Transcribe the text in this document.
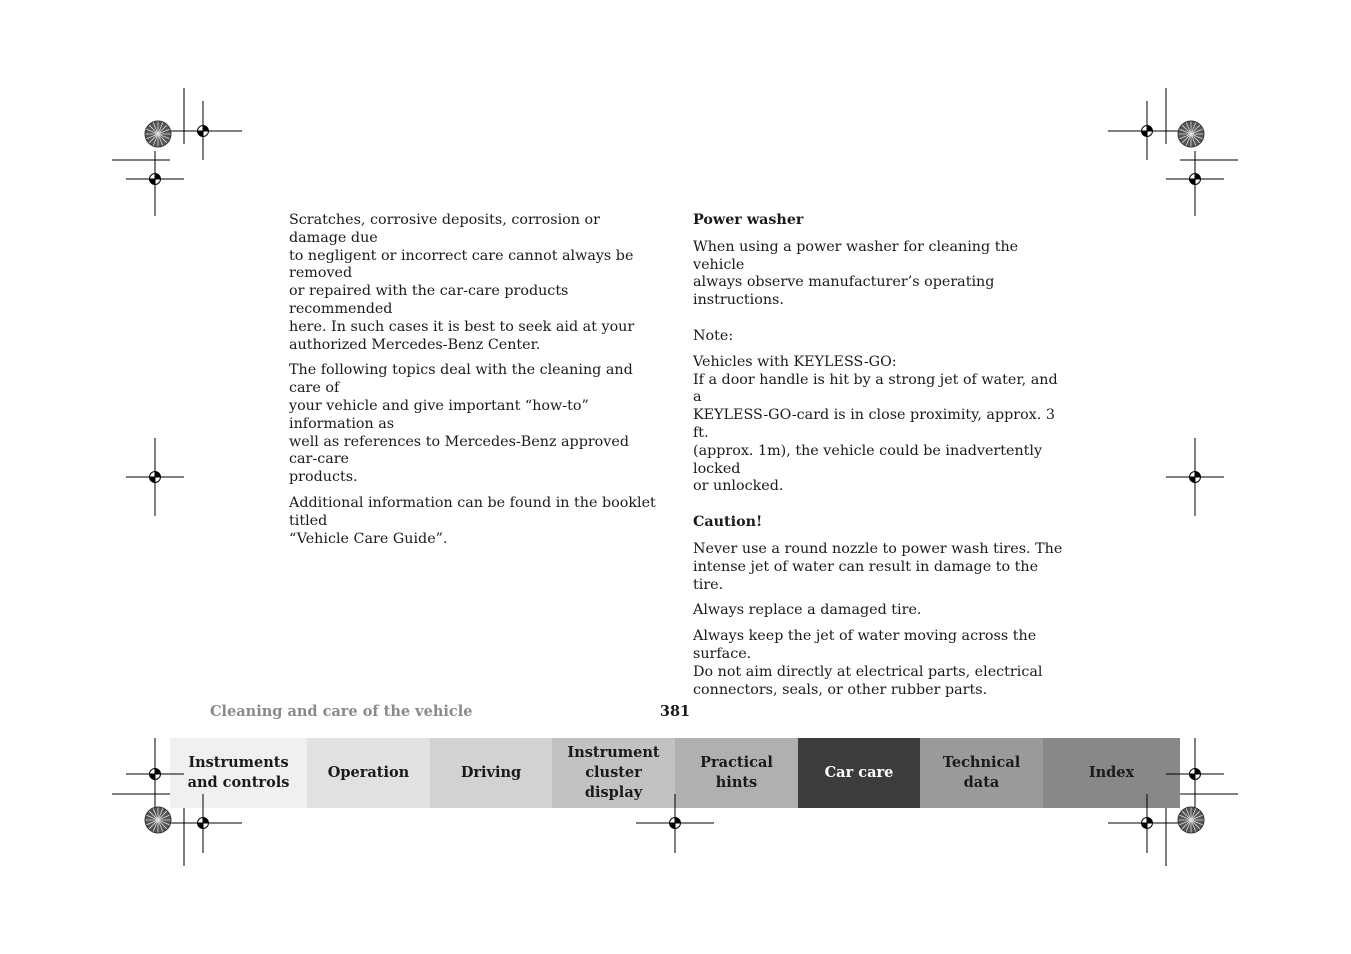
Scratches, corrosive deposits, corrosion or damage due
to negligent or incorrect care cannot always be removed
or repaired with the car-care products recommended
here. In such cases it is best to seek aid at your
authorized Mercedes-Benz Center.

The following topics deal with the cleaning and care of
your vehicle and give important “how-to” information as
well as references to Mercedes-Benz approved car-care
products.

Additional information can be found in the booklet titled
“Vehicle Care Guide”.

Power washer

When using a power washer for cleaning the vehicle
always observe manufacturer’s operating instructions.

Note:

Vehicles with KEYLESS-GO:
If a door handle is hit by a strong jet of water, and a
KEYLESS-GO-card is in close proximity, approx. 3 ft.
(approx. 1m), the vehicle could be inadvertently locked
or unlocked.

Caution!

Never use a round nozzle to power wash tires. The
intense jet of water can result in damage to the tire.

Always replace a damaged tire.

Always keep the jet of water moving across the surface.
Do not aim directly at electrical parts, electrical
connectors, seals, or other rubber parts.

Cleaning and care of the vehicle	381
Instruments
and controls
Operation	Driving
Instrument
cluster display
Practical hints
Car care
Technical
data
Index
